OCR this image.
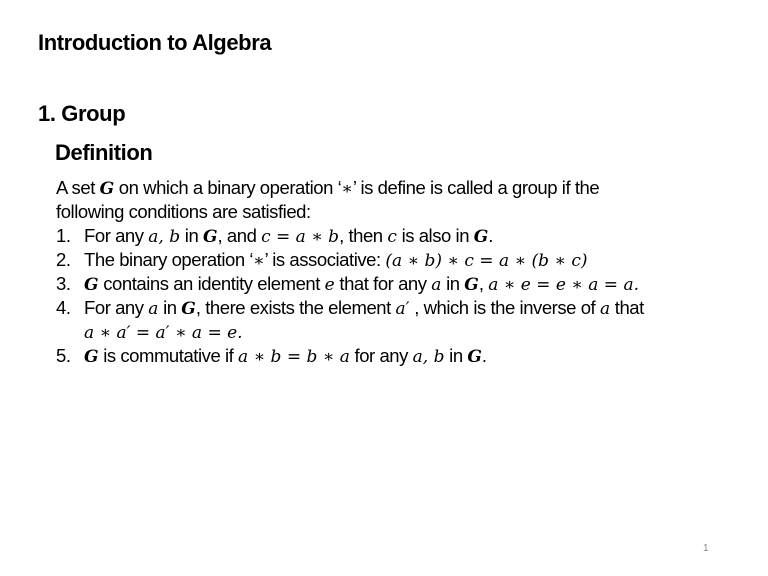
Introduction to Algebra
1. Group
Definition
A set G on which a binary operation ‘∗’ is define is called a group if the
following conditions are satisfied:
1. For any a, b in G, and c = a ∗ b, then c is also in G.
2. The binary operation ‘∗’ is associative: (a ∗ b) ∗ c = a ∗ (b ∗ c)
3. G contains an identity element e that for any a in G, a ∗ e = e ∗ a = a.
4. For any a in G, there exists the element a′ , which is the inverse of a that
a ∗ a′ = a′ ∗ a = e.
5. G is commutative if a ∗ b = b ∗ a for any a, b in G.
1
